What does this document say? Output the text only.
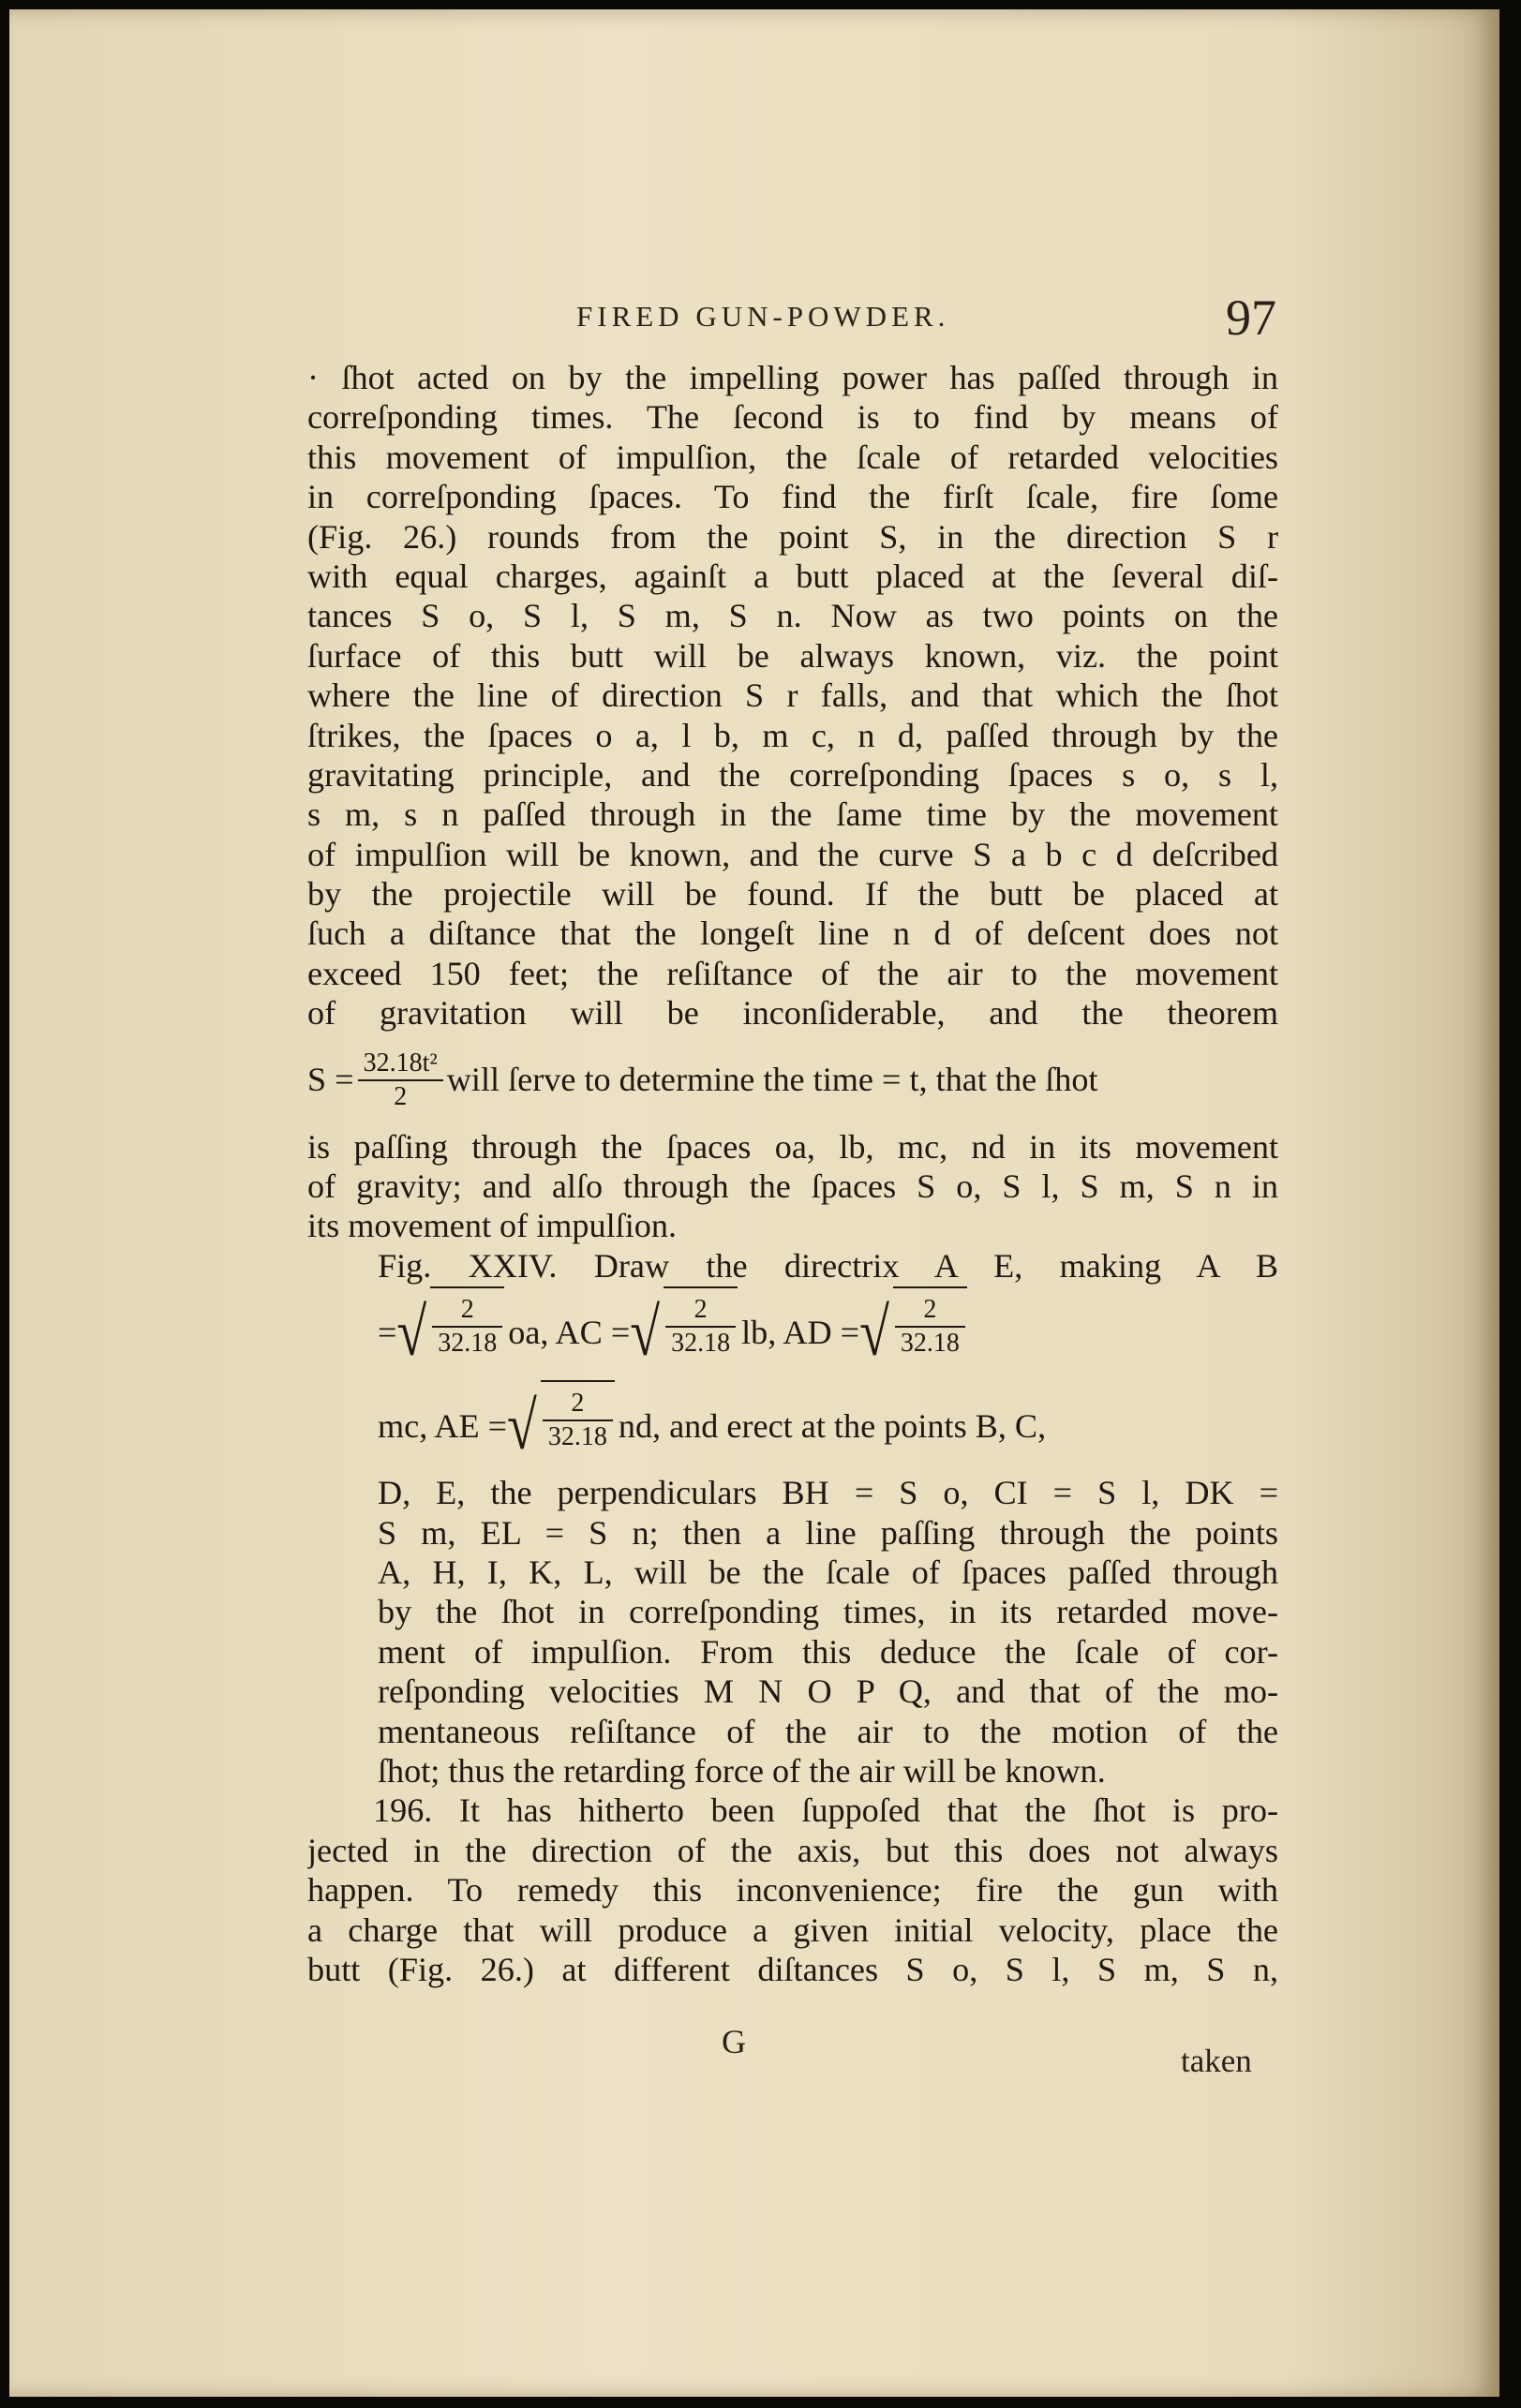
FIRED GUN-POWDER.	97
· ſhot acted on by the impelling power has paſſed through in
correſponding times. The ſecond is to find by means of
this movement of impulſion, the ſcale of retarded velocities
in correſponding ſpaces. To find the firſt ſcale, fire ſome
(Fig. 26.) rounds from the point S, in the direction S r
with equal charges, againſt a butt placed at the ſeveral diſ-
tances S o, S l, S m, S n. Now as two points on the
ſurface of this butt will be always known, viz. the point
where the line of direction S r falls, and that which the ſhot
ſtrikes, the ſpaces o a, l b, m c, n d, paſſed through by the
gravitating principle, and the correſponding ſpaces s o, s l,
s m, s n paſſed through in the ſame time by the movement
of impulſion will be known, and the curve S a b c d deſcribed
by the projectile will be found. If the butt be placed at
ſuch a diſtance that the longeſt line n d of deſcent does not
exceed 150 feet; the reſiſtance of the air to the movement
of gravitation will be inconſiderable, and the theorem
$S = \frac{\text{32.18t²}}{2}$ will ſerve to determine the time = t, that the ſhot
is paſſing through the ſpaces oa, lb, mc, nd in its movement
of gravity; and alſo through the ſpaces S o, S l, S m, S n in
its movement of impulſion.
Fig. XXIV. Draw the directrix A E, making A B
= √ $\frac{2}{32.18}$ oa, AC = √ $\frac{2}{32.18}$ lb, AD = √ $\frac{2}{32.18}$
mc, AE = √ $\frac{2}{32.18}$ nd, and erect at the points B, C,
D, E, the perpendiculars BH = S o, CI = S l, DK =
S m, EL = S n; then a line paſſing through the points
A, H, I, K, L, will be the ſcale of ſpaces paſſed through
by the ſhot in correſponding times, in its retarded move-
ment of impulſion. From this deduce the ſcale of cor-
reſponding velocities M N O P Q, and that of the mo-
mentaneous reſiſtance of the air to the motion of the
ſhot; thus the retarding force of the air will be known.
196. It has hitherto been ſuppoſed that the ſhot is pro-
jected in the direction of the axis, but this does not always
happen. To remedy this inconvenience; fire the gun with
a charge that will produce a given initial velocity, place the
butt (Fig. 26.) at different diſtances S o, S l, S m, S n,
G
taken
